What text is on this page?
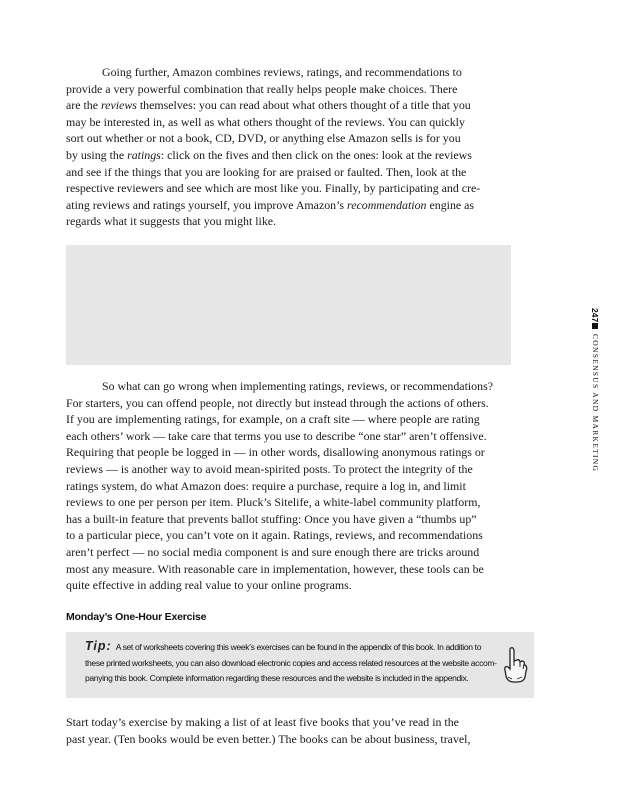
Going further, Amazon combines reviews, ratings, and recommendations to
provide a very powerful combination that really helps people make choices. There
are the reviews themselves: you can read about what others thought of a title that you
may be interested in, as well as what others thought of the reviews. You can quickly
sort out whether or not a book, CD, DVD, or anything else Amazon sells is for you
by using the ratings: click on the fives and then click on the ones: look at the reviews
and see if the things that you are looking for are praised or faulted. Then, look at the
respective reviewers and see which are most like you. Finally, by participating and cre-
ating reviews and ratings yourself, you improve Amazon’s recommendation engine as
regards what it suggests that you might like.
So what can go wrong when implementing ratings, reviews, or recommendations?
For starters, you can offend people, not directly but instead through the actions of others.
If you are implementing ratings, for example, on a craft site — where people are rating
each others’ work — take care that terms you use to describe “one star” aren’t offensive.
Requiring that people be logged in — in other words, disallowing anonymous ratings or
reviews — is another way to avoid mean-spirited posts. To protect the integrity of the
ratings system, do what Amazon does: require a purchase, require a log in, and limit
reviews to one per person per item. Pluck’s Sitelife, a white-label community platform,
has a built-in feature that prevents ballot stuffing: Once you have given a “thumbs up”
to a particular piece, you can’t vote on it again. Ratings, reviews, and recommendations
aren’t perfect — no social media component is and sure enough there are tricks around
most any measure. With reasonable care in implementation, however, these tools can be
quite effective in adding real value to your online programs.
Monday’s One-Hour Exercise
Tip: A set of worksheets covering this week’s exercises can be found in the appendix of this book. In addition to
these printed worksheets, you can also download electronic copies and access related resources at the website accom-
panying this book. Complete information regarding these resources and the website is included in the appendix.
Start today’s exercise by making a list of at least five books that you’ve read in the
past year. (Ten books would be even better.) The books can be about business, travel,
247
CONSENSUS AND MARKETING
